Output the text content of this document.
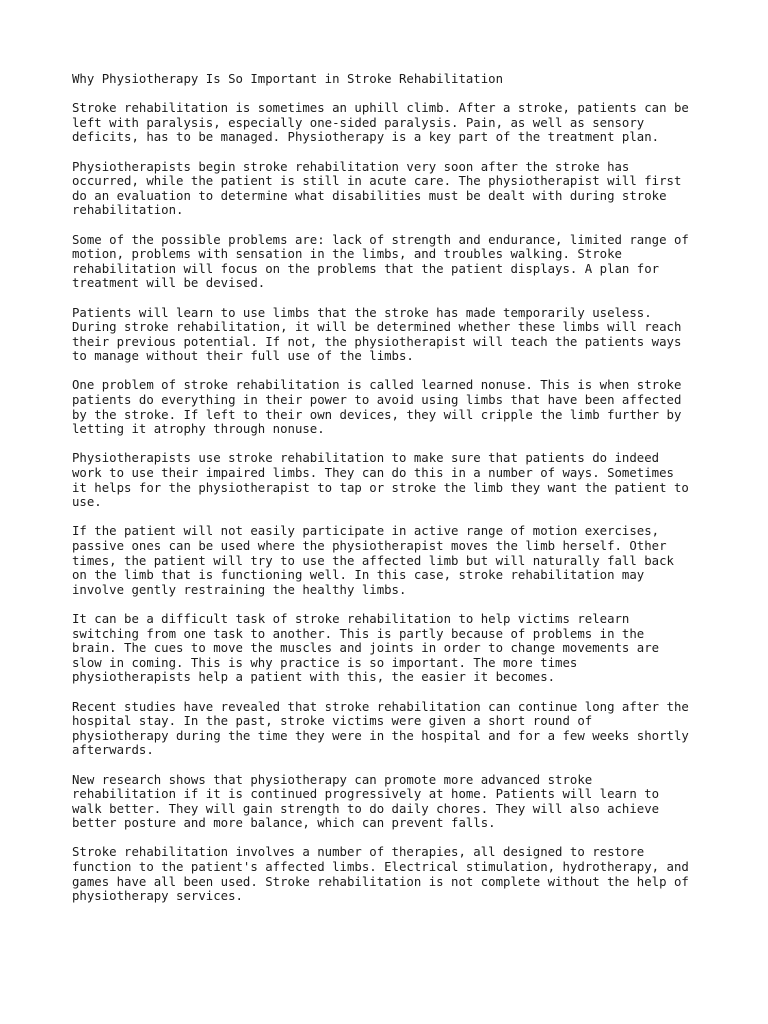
Why Physiotherapy Is So Important in Stroke Rehabilitation
Stroke rehabilitation is sometimes an uphill climb. After a stroke, patients can be
left with paralysis, especially one-sided paralysis. Pain, as well as sensory
deficits, has to be managed. Physiotherapy is a key part of the treatment plan.
Physiotherapists begin stroke rehabilitation very soon after the stroke has
occurred, while the patient is still in acute care. The physiotherapist will first
do an evaluation to determine what disabilities must be dealt with during stroke
rehabilitation.
Some of the possible problems are: lack of strength and endurance, limited range of
motion, problems with sensation in the limbs, and troubles walking. Stroke
rehabilitation will focus on the problems that the patient displays. A plan for
treatment will be devised.
Patients will learn to use limbs that the stroke has made temporarily useless.
During stroke rehabilitation, it will be determined whether these limbs will reach
their previous potential. If not, the physiotherapist will teach the patients ways
to manage without their full use of the limbs.
One problem of stroke rehabilitation is called learned nonuse. This is when stroke
patients do everything in their power to avoid using limbs that have been affected
by the stroke. If left to their own devices, they will cripple the limb further by
letting it atrophy through nonuse.
Physiotherapists use stroke rehabilitation to make sure that patients do indeed
work to use their impaired limbs. They can do this in a number of ways. Sometimes
it helps for the physiotherapist to tap or stroke the limb they want the patient to
use.
If the patient will not easily participate in active range of motion exercises,
passive ones can be used where the physiotherapist moves the limb herself. Other
times, the patient will try to use the affected limb but will naturally fall back
on the limb that is functioning well. In this case, stroke rehabilitation may
involve gently restraining the healthy limbs.
It can be a difficult task of stroke rehabilitation to help victims relearn
switching from one task to another. This is partly because of problems in the
brain. The cues to move the muscles and joints in order to change movements are
slow in coming. This is why practice is so important. The more times
physiotherapists help a patient with this, the easier it becomes.
Recent studies have revealed that stroke rehabilitation can continue long after the
hospital stay. In the past, stroke victims were given a short round of
physiotherapy during the time they were in the hospital and for a few weeks shortly
afterwards.
New research shows that physiotherapy can promote more advanced stroke
rehabilitation if it is continued progressively at home. Patients will learn to
walk better. They will gain strength to do daily chores. They will also achieve
better posture and more balance, which can prevent falls.
Stroke rehabilitation involves a number of therapies, all designed to restore
function to the patient's affected limbs. Electrical stimulation, hydrotherapy, and
games have all been used. Stroke rehabilitation is not complete without the help of
physiotherapy services.
